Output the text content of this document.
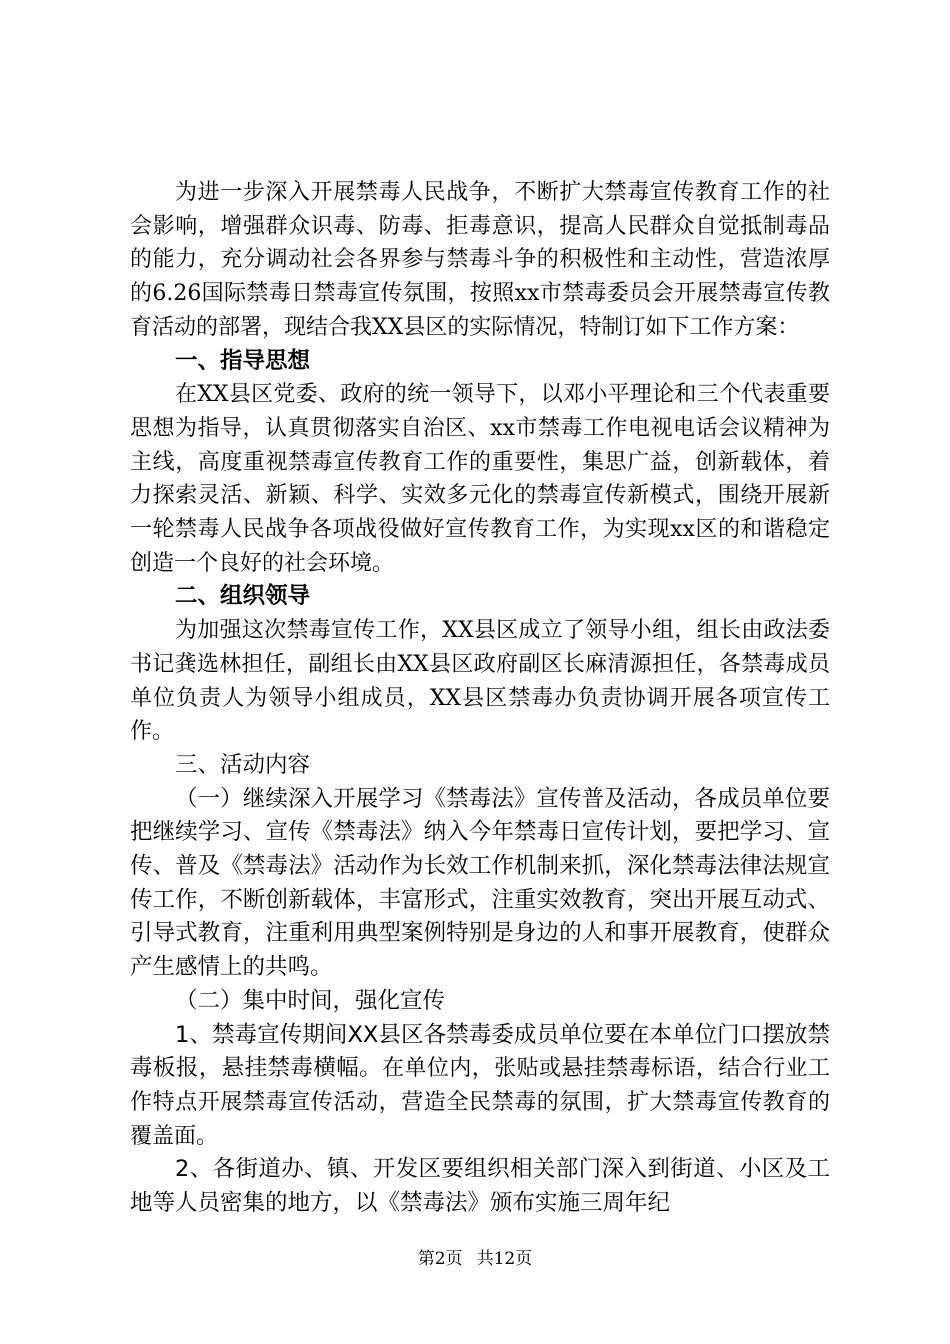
为进一步深入开展禁毒人民战争，不断扩大禁毒宣传教育工作的社会影响，增强群众识毒、防毒、拒毒意识，提高人民群众自觉抵制毒品的能力，充分调动社会各界参与禁毒斗争的积极性和主动性，营造浓厚的6.26国际禁毒日禁毒宣传氛围，按照xx市禁毒委员会开展禁毒宣传教育活动的部署，现结合我XX县区的实际情况，特制订如下工作方案：

一、指导思想

在XX县区党委、政府的统一领导下，以邓小平理论和三个代表重要思想为指导，认真贯彻落实自治区、xx市禁毒工作电视电话会议精神为主线，高度重视禁毒宣传教育工作的重要性，集思广益，创新载体，着力探索灵活、新颖、科学、实效多元化的禁毒宣传新模式，围绕开展新一轮禁毒人民战争各项战役做好宣传教育工作，为实现xx区的和谐稳定创造一个良好的社会环境。

二、组织领导

为加强这次禁毒宣传工作，XX县区成立了领导小组，组长由政法委书记龚选林担任，副组长由XX县区政府副区长麻清源担任，各禁毒成员单位负责人为领导小组成员，XX县区禁毒办负责协调开展各项宣传工作。

三、活动内容

（一）继续深入开展学习《禁毒法》宣传普及活动，各成员单位要把继续学习、宣传《禁毒法》纳入今年禁毒日宣传计划，要把学习、宣传、普及《禁毒法》活动作为长效工作机制来抓，深化禁毒法律法规宣传工作，不断创新载体，丰富形式，注重实效教育，突出开展互动式、引导式教育，注重利用典型案例特别是身边的人和事开展教育，使群众产生感情上的共鸣。

（二）集中时间，强化宣传

1、禁毒宣传期间XX县区各禁毒委成员单位要在本单位门口摆放禁毒板报，悬挂禁毒横幅。在单位内，张贴或悬挂禁毒标语，结合行业工作特点开展禁毒宣传活动，营造全民禁毒的氛围，扩大禁毒宣传教育的覆盖面。

2、各街道办、镇、开发区要组织相关部门深入到街道、小区及工地等人员密集的地方，以《禁毒法》颁布实施三周年纪

第2页 共12页
